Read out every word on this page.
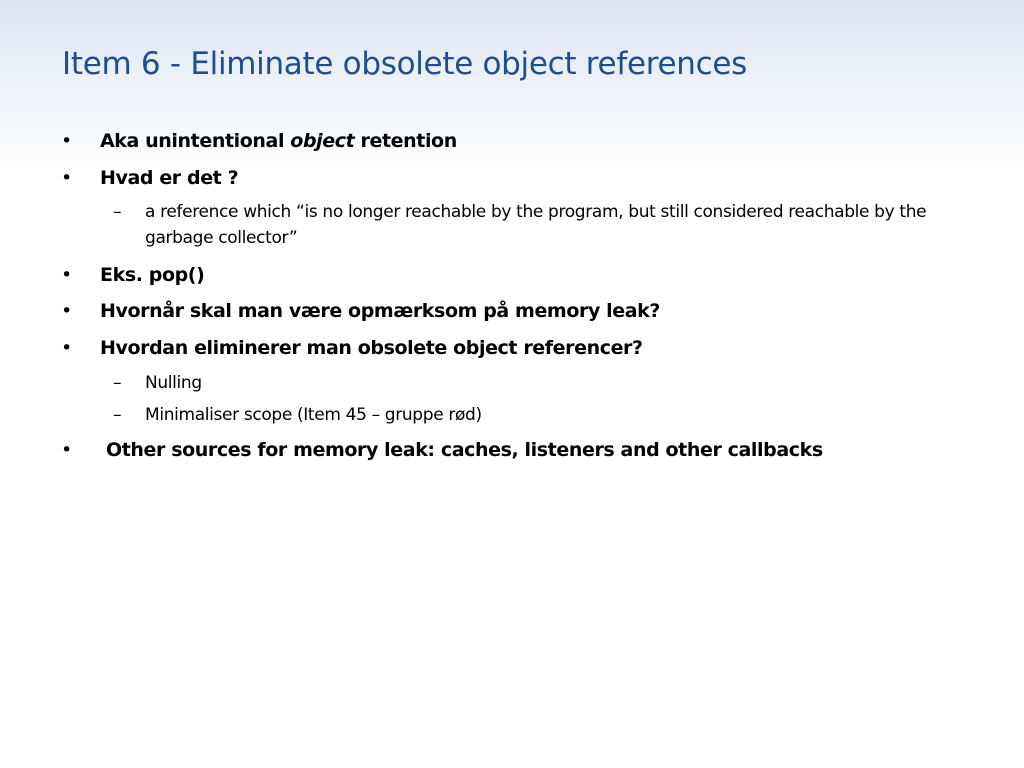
Item 6 - Eliminate obsolete object references
• Aka unintentional object retention
• Hvad er det ?
– a reference which “is no longer reachable by the program, but still considered reachable by the garbage collector”
• Eks. pop()
• Hvornår skal man være opmærksom på memory leak?
• Hvordan eliminerer man obsolete object referencer?
– Nulling
– Minimaliser scope (Item 45 – gruppe rød)
• Other sources for memory leak: caches, listeners and other callbacks
